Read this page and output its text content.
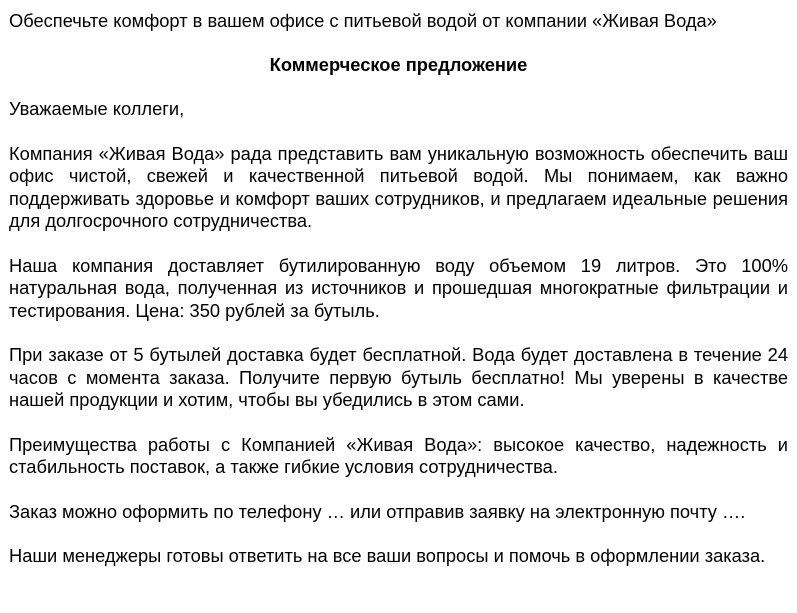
Обеспечьте комфорт в вашем офисе с питьевой водой от компании «Живая Вода»

Коммерческое предложение

Уважаемые коллеги,

Компания «Живая Вода» рада представить вам уникальную возможность обеспечить ваш офис чистой, свежей и качественной питьевой водой. Мы понимаем, как важно поддерживать здоровье и комфорт ваших сотрудников, и предлагаем идеальные решения для долгосрочного сотрудничества.

Наша компания доставляет бутилированную воду объемом 19 литров. Это 100% натуральная вода, полученная из источников и прошедшая многократные фильтрации и тестирования. Цена: 350 рублей за бутыль.

При заказе от 5 бутылей доставка будет бесплатной. Вода будет доставлена в течение 24 часов с момента заказа. Получите первую бутыль бесплатно! Мы уверены в качестве нашей продукции и хотим, чтобы вы убедились в этом сами.

Преимущества работы с Компанией «Живая Вода»: высокое качество, надежность и стабильность поставок, а также гибкие условия сотрудничества.

Заказ можно оформить по телефону … или отправив заявку на электронную почту ….

Наши менеджеры готовы ответить на все ваши вопросы и помочь в оформлении заказа.
